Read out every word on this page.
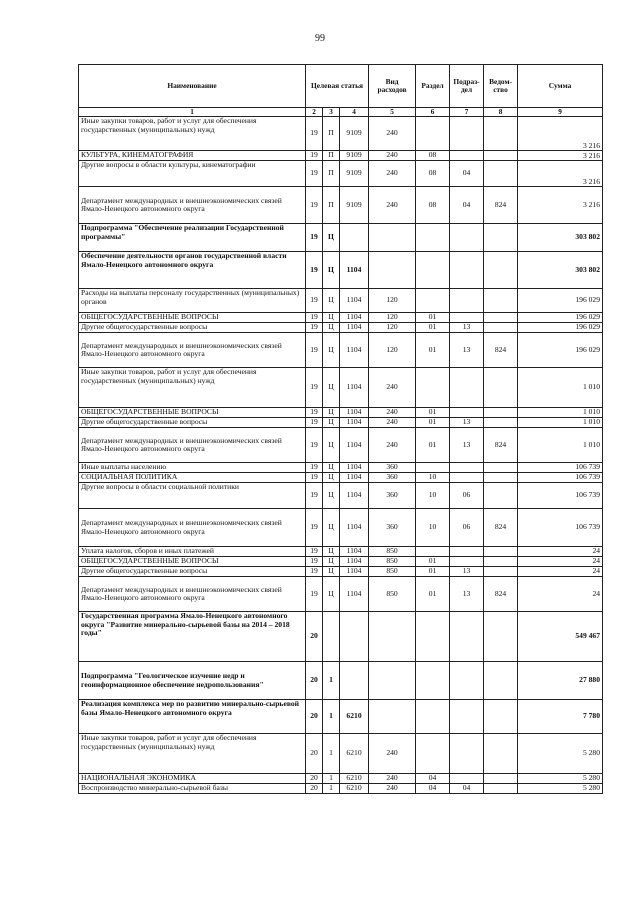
99
Наименование	Целевая статья			Вид расходов	Раздел	Подраз-дел	Ведом-ство	Сумма
1	2	3	4	5	6	7	8	9
Иные закупки товаров, работ и услуг для обеспечения государственных (муниципальных) нужд	19	П	9109	240				3 216
КУЛЬТУРА, КИНЕМАТОГРАФИЯ	19	П	9109	240	08			3 216
Другие вопросы в области культуры, кинематографии	19	П	9109	240	08	04		3 216
Департамент международных и внешнеэкономических связей Ямало-Ненецкого автономного округа	19	П	9109	240	08	04	824	3 216
Подпрограмма "Обеспечение реализации Государственной программы"	19	Ц						303 802
Обеспечение деятельности органов государственной власти Ямало-Ненецкого автономного округа	19	Ц	1104					303 802
Расходы на выплаты персоналу государственных (муниципальных) органов	19	Ц	1104	120				196 029
ОБЩЕГОСУДАРСТВЕННЫЕ ВОПРОСЫ	19	Ц	1104	120	01			196 029
Другие общегосударственные вопросы	19	Ц	1104	120	01	13		196 029
Департамент международных и внешнеэкономических связей Ямало-Ненецкого автономного округа	19	Ц	1104	120	01	13	824	196 029
Иные закупки товаров, работ и услуг для обеспечения государственных (муниципальных) нужд	19	Ц	1104	240				1 010
ОБЩЕГОСУДАРСТВЕННЫЕ ВОПРОСЫ	19	Ц	1104	240	01			1 010
Другие общегосударственные вопросы	19	Ц	1104	240	01	13		1 010
Департамент международных и внешнеэкономических связей Ямало-Ненецкого автономного округа	19	Ц	1104	240	01	13	824	1 010
Иные выплаты населению	19	Ц	1104	360				106 739
СОЦИАЛЬНАЯ ПОЛИТИКА	19	Ц	1104	360	10			106 739
Другие вопросы в области социальной политики	19	Ц	1104	360	10	06		106 739
Департамент международных и внешнеэкономических связей Ямало-Ненецкого автономного округа	19	Ц	1104	360	10	06	824	106 739
Уплата налогов, сборов и иных платежей	19	Ц	1104	850				24
ОБЩЕГОСУДАРСТВЕННЫЕ ВОПРОСЫ	19	Ц	1104	850	01			24
Другие общегосударственные вопросы	19	Ц	1104	850	01	13		24
Департамент международных и внешнеэкономических связей Ямало-Ненецкого автономного округа	19	Ц	1104	850	01	13	824	24
Государственная программа Ямало-Ненецкого автономного округа "Развитие минерально-сырьевой базы на 2014 – 2018 годы"	20							549 467
Подпрограмма "Геологическое изучение недр и геоинформационное обеспечение недропользования"	20	1						27 880
Реализация комплекса мер по развитию минерально-сырьевой базы Ямало-Ненецкого автономного округа	20	1	6210					7 780
Иные закупки товаров, работ и услуг для обеспечения государственных (муниципальных) нужд	20	1	6210	240				5 280
НАЦИОНАЛЬНАЯ ЭКОНОМИКА	20	1	6210	240	04			5 280
Воспроизводство минерально-сырьевой базы	20	1	6210	240	04	04		5 280
